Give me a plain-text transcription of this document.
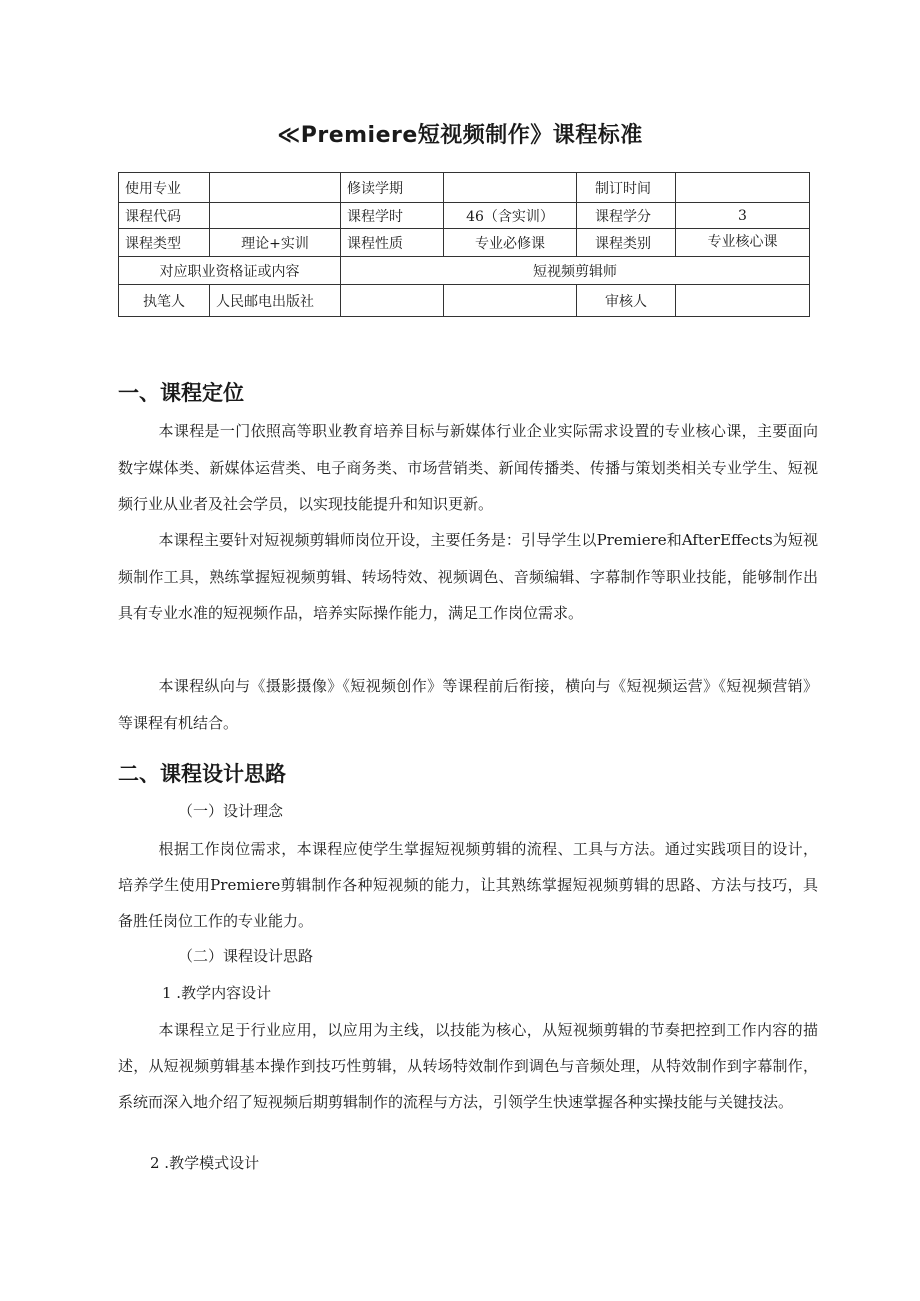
≪Premiere短视频制作》课程标准
使用专业		修读学期		制订时间	
课程代码		课程学时	46（含实训）	课程学分	3
课程类型	理论+实训	课程性质	专业必修课	课程类别	专业核心课
对应职业资格证或内容		短视频剪辑师			
执笔人	人民邮电出版社			审核人	
一、课程定位
本课程是一门依照高等职业教育培养目标与新媒体行业企业实际需求设置的专业核心课，主要面向数字媒体类、新媒体运营类、电子商务类、市场营销类、新闻传播类、传播与策划类相关专业学生、短视频行业从业者及社会学员，以实现技能提升和知识更新。
本课程主要针对短视频剪辑师岗位开设，主要任务是：引导学生以Premiere和AfterEffects为短视频制作工具，熟练掌握短视频剪辑、转场特效、视频调色、音频编辑、字幕制作等职业技能，能够制作出具有专业水准的短视频作品，培养实际操作能力，满足工作岗位需求。
本课程纵向与《摄影摄像》《短视频创作》等课程前后衔接，横向与《短视频运营》《短视频营销》等课程有机结合。
二、课程设计思路
（一）设计理念
根据工作岗位需求，本课程应使学生掌握短视频剪辑的流程、工具与方法。通过实践项目的设计，培养学生使用Premiere剪辑制作各种短视频的能力，让其熟练掌握短视频剪辑的思路、方法与技巧，具备胜任岗位工作的专业能力。
（二）课程设计思路
1 .教学内容设计
本课程立足于行业应用，以应用为主线，以技能为核心，从短视频剪辑的节奏把控到工作内容的描述，从短视频剪辑基本操作到技巧性剪辑，从转场特效制作到调色与音频处理，从特效制作到字幕制作，系统而深入地介绍了短视频后期剪辑制作的流程与方法，引领学生快速掌握各种实操技能与关键技法。
2 .教学模式设计
